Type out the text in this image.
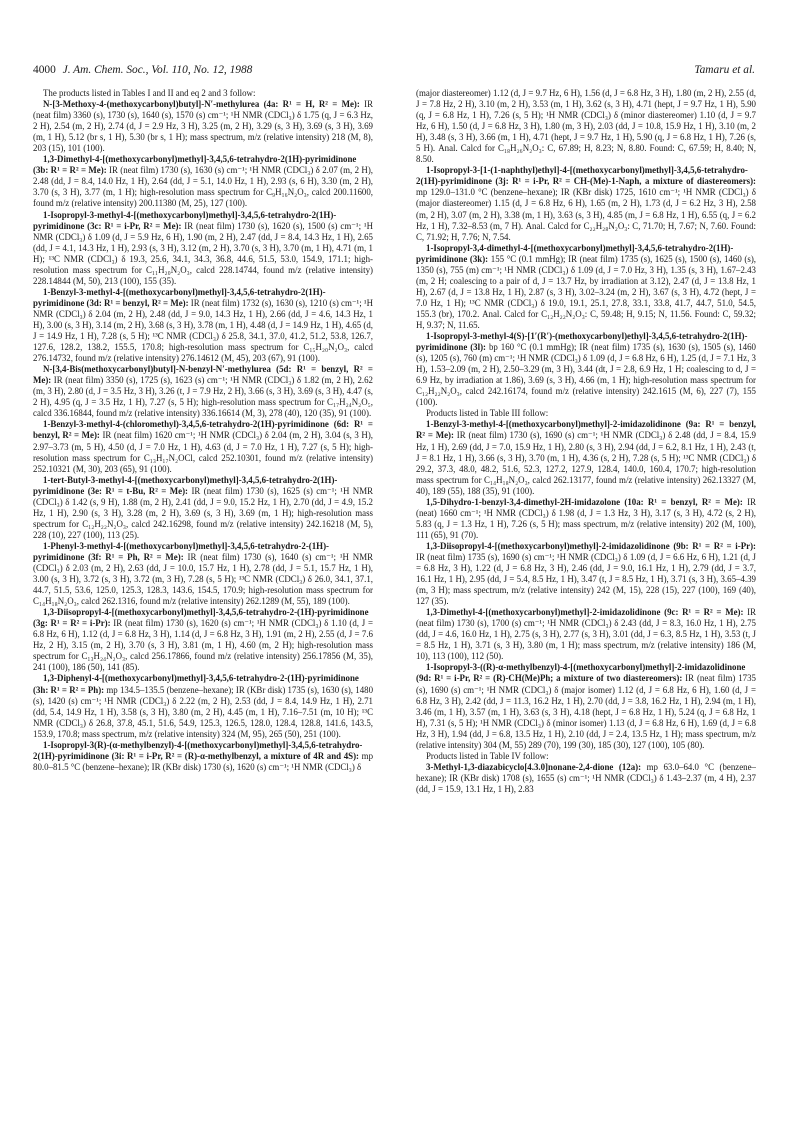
4000 J. Am. Chem. Soc., Vol. 110, No. 12, 1988	Tamaru et al.

The products listed in Tables I and II and eq 2 and 3 follow:

N-[3-Methoxy-4-(methoxycarbonyl)butyl]-N′-methylurea (4a: R¹ = H, R² = Me): IR (neat film) 3360 (s), 1730 (s), 1640 (s), 1570 (s) cm⁻¹; ¹H NMR (CDCl₃) δ 1.75 (q, J = 6.3 Hz, 2 H), 2.54 (m, 2 H), 2.74 (d, J = 2.9 Hz, 3 H), 3.25 (m, 2 H), 3.29 (s, 3 H), 3.69 (s, 3 H), 3.69 (m, 1 H), 5.12 (br s, 1 H), 5.30 (br s, 1 H); mass spectrum, m/z (relative intensity) 218 (M, 8), 203 (15), 101 (100).

1,3-Dimethyl-4-[(methoxycarbonyl)methyl]-3,4,5,6-tetrahydro-2(1H)-pyrimidinone (3b: R¹ = R² = Me): IR (neat film) 1730 (s), 1630 (s) cm⁻¹; ¹H NMR (CDCl₃) δ 2.07 (m, 2 H), 2.48 (dd, J = 8.4, 14.0 Hz, 1 H), 2.64 (dd, J = 5.1, 14.0 Hz, 1 H), 2.93 (s, 6 H), 3.30 (m, 2 H), 3.70 (s, 3 H), 3.77 (m, 1 H); high-resolution mass spectrum for C₉H₁₆N₂O₃, calcd 200.11600, found m/z (relative intensity) 200.11380 (M, 25), 127 (100).

1-Isopropyl-3-methyl-4-[(methoxycarbonyl)methyl]-3,4,5,6-tetrahydro-2(1H)-pyrimidinone (3c: R¹ = i-Pr, R² = Me): IR (neat film) 1730 (s), 1620 (s), 1500 (s) cm⁻¹; ¹H NMR (CDCl₃) δ 1.09 (d, J = 5.9 Hz, 6 H), 1.90 (m, 2 H), 2.47 (dd, J = 8.4, 14.3 Hz, 1 H), 2.65 (dd, J = 4.1, 14.3 Hz, 1 H), 2.93 (s, 3 H), 3.12 (m, 2 H), 3.70 (s, 3 H), 3.70 (m, 1 H), 4.71 (m, 1 H); ¹³C NMR (CDCl₃) δ 19.3, 25.6, 34.1, 34.3, 36.8, 44.6, 51.5, 53.0, 154.9, 171.1; high-resolution mass spectrum for C₁₁H₂₀N₂O₃, calcd 228.14744, found m/z (relative intensity) 228.14844 (M, 50), 213 (100), 155 (35).

1-Benzyl-3-methyl-4-[(methoxycarbonyl)methyl]-3,4,5,6-tetrahydro-2(1H)-pyrimidinone (3d: R¹ = benzyl, R² = Me): IR (neat film) 1732 (s), 1630 (s), 1210 (s) cm⁻¹; ¹H NMR (CDCl₃) δ 2.04 (m, 2 H), 2.48 (dd, J = 9.0, 14.3 Hz, 1 H), 2.66 (dd, J = 4.6, 14.3 Hz, 1 H), 3.00 (s, 3 H), 3.14 (m, 2 H), 3.68 (s, 3 H), 3.78 (m, 1 H), 4.48 (d, J = 14.9 Hz, 1 H), 4.65 (d, J = 14.9 Hz, 1 H), 7.28 (s, 5 H); ¹³C NMR (CDCl₃) δ 25.8, 34.1, 37.0, 41.2, 51.2, 53.8, 126.7, 127.6, 128.2, 138.2, 155.5, 170.8; high-resolution mass spectrum for C₁₅H₂₀N₂O₃, calcd 276.14732, found m/z (relative intensity) 276.14612 (M, 45), 203 (67), 91 (100).

N-[3,4-Bis(methoxycarbonyl)butyl]-N-benzyl-N′-methylurea (5d: R¹ = benzyl, R² = Me): IR (neat film) 3350 (s), 1725 (s), 1623 (s) cm⁻¹; ¹H NMR (CDCl₃) δ 1.82 (m, 2 H), 2.62 (m, 3 H), 2.80 (d, J = 3.5 Hz, 3 H), 3.26 (t, J = 7.9 Hz, 2 H), 3.66 (s, 3 H), 3.69 (s, 3 H), 4.47 (s, 2 H), 4.95 (q, J = 3.5 Hz, 1 H), 7.27 (s, 5 H); high-resolution mass spectrum for C₁₇H₂₄N₂O₅, calcd 336.16844, found m/z (relative intensity) 336.16614 (M, 3), 278 (40), 120 (35), 91 (100).

1-Benzyl-3-methyl-4-(chloromethyl)-3,4,5,6-tetrahydro-2(1H)-pyrimidinone (6d: R¹ = benzyl, R² = Me): IR (neat film) 1620 cm⁻¹; ¹H NMR (CDCl₃) δ 2.04 (m, 2 H), 3.04 (s, 3 H), 2.97–3.73 (m, 5 H), 4.50 (d, J = 7.0 Hz, 1 H), 4.63 (d, J = 7.0 Hz, 1 H), 7.27 (s, 5 H); high-resolution mass spectrum for C₁₃H₁₇N₂OCl, calcd 252.10301, found m/z (relative intensity) 252.10321 (M, 30), 203 (65), 91 (100).

1-tert-Butyl-3-methyl-4-[(methoxycarbonyl)methyl]-3,4,5,6-tetrahydro-2(1H)-pyrimidinone (3e: R¹ = t-Bu, R² = Me): IR (neat film) 1730 (s), 1625 (s) cm⁻¹; ¹H NMR (CDCl₃) δ 1.42 (s, 9 H), 1.88 (m, 2 H), 2.41 (dd, J = 9.0, 15.2 Hz, 1 H), 2.70 (dd, J = 4.9, 15.2 Hz, 1 H), 2.90 (s, 3 H), 3.28 (m, 2 H), 3.69 (s, 3 H), 3.69 (m, 1 H); high-resolution mass spectrum for C₁₂H₂₂N₂O₃, calcd 242.16298, found m/z (relative intensity) 242.16218 (M, 5), 228 (10), 227 (100), 113 (25).

1-Phenyl-3-methyl-4-[(methoxycarbonyl)methyl]-3,4,5,6-tetrahydro-2-(1H)-pyrimidinone (3f: R¹ = Ph, R² = Me): IR (neat film) 1730 (s), 1640 (s) cm⁻¹; ¹H NMR (CDCl₃) δ 2.03 (m, 2 H), 2.63 (dd, J = 10.0, 15.7 Hz, 1 H), 2.78 (dd, J = 5.1, 15.7 Hz, 1 H), 3.00 (s, 3 H), 3.72 (s, 3 H), 3.72 (m, 3 H), 7.28 (s, 5 H); ¹³C NMR (CDCl₃) δ 26.0, 34.1, 37.1, 44.7, 51.5, 53.6, 125.0, 125.3, 128.3, 143.6, 154.5, 170.9; high-resolution mass spectrum for C₁₄H₁₈N₂O₃, calcd 262.1316, found m/z (relative intensity) 262.1289 (M, 55), 189 (100).

1,3-Diisopropyl-4-[(methoxycarbonyl)methyl]-3,4,5,6-tetrahydro-2-(1H)-pyrimidinone (3g: R¹ = R² = i-Pr): IR (neat film) 1730 (s), 1620 (s) cm⁻¹; ¹H NMR (CDCl₃) δ 1.10 (d, J = 6.8 Hz, 6 H), 1.12 (d, J = 6.8 Hz, 3 H), 1.14 (d, J = 6.8 Hz, 3 H), 1.91 (m, 2 H), 2.55 (d, J = 7.6 Hz, 2 H), 3.15 (m, 2 H), 3.70 (s, 3 H), 3.81 (m, 1 H), 4.60 (m, 2 H); high-resolution mass spectrum for C₁₃H₂₄N₂O₃, calcd 256.17866, found m/z (relative intensity) 256.17856 (M, 35), 241 (100), 186 (50), 141 (85).

1,3-Diphenyl-4-[(methoxycarbonyl)methyl]-3,4,5,6-tetrahydro-2-(1H)-pyrimidinone (3h: R¹ = R² = Ph): mp 134.5–135.5 (benzene–hexane); IR (KBr disk) 1735 (s), 1630 (s), 1480 (s), 1420 (s) cm⁻¹; ¹H NMR (CDCl₃) δ 2.22 (m, 2 H), 2.53 (dd, J = 8.4, 14.9 Hz, 1 H), 2.71 (dd, 5.4, 14.9 Hz, 1 H), 3.58 (s, 3 H), 3.80 (m, 2 H), 4.45 (m, 1 H), 7.16–7.51 (m, 10 H); ¹³C NMR (CDCl₃) δ 26.8, 37.8, 45.1, 51.6, 54.9, 125.3, 126.5, 128.0, 128.4, 128.8, 141.6, 143.5, 153.9, 170.8; mass spectrum, m/z (relative intensity) 324 (M, 95), 265 (50), 251 (100).

1-Isopropyl-3(R)-(α-methylbenzyl)-4-[(methoxycarbonyl)methyl]-3,4,5,6-tetrahydro-2(1H)-pyrimidinone (3i: R¹ = i-Pr, R² = (R)-α-methylbenzyl, a mixture of 4R and 4S): mp 80.0–81.5 °C (benzene–hexane); IR (KBr disk) 1730 (s), 1620 (s) cm⁻¹; ¹H NMR (CDCl₃) δ

(major diastereomer) 1.12 (d, J = 9.7 Hz, 6 H), 1.56 (d, J = 6.8 Hz, 3 H), 1.80 (m, 2 H), 2.55 (d, J = 7.8 Hz, 2 H), 3.10 (m, 2 H), 3.53 (m, 1 H), 3.62 (s, 3 H), 4.71 (hept, J = 9.7 Hz, 1 H), 5.90 (q, J = 6.8 Hz, 1 H), 7.26 (s, 5 H); ¹H NMR (CDCl₃) δ (minor diastereomer) 1.10 (d, J = 9.7 Hz, 6 H), 1.50 (d, J = 6.8 Hz, 3 H), 1.80 (m, 3 H), 2.03 (dd, J = 10.8, 15.9 Hz, 1 H), 3.10 (m, 2 H), 3.48 (s, 3 H), 3.66 (m, 1 H), 4.71 (hept, J = 9.7 Hz, 1 H), 5.90 (q, J = 6.8 Hz, 1 H), 7.26 (s, 5 H). Anal. Calcd for C₁₈H₂₆N₂O₃: C, 67.89; H, 8.23; N, 8.80. Found: C, 67.59; H, 8.40; N, 8.50.

1-Isopropyl-3-[1-(1-naphthyl)ethyl]-4-[(methoxycarbonyl)methyl]-3,4,5,6-tetrahydro-2(1H)-pyrimidinone (3j: R¹ = i-Pr, R² = CH-(Me)-1-Naph, a mixture of diastereomers): mp 129.0–131.0 °C (benzene–hexane); IR (KBr disk) 1725, 1610 cm⁻¹; ¹H NMR (CDCl₃) δ (major diastereomer) 1.15 (d, J = 6.8 Hz, 6 H), 1.65 (m, 2 H), 1.73 (d, J = 6.2 Hz, 3 H), 2.58 (m, 2 H), 3.07 (m, 2 H), 3.38 (m, 1 H), 3.63 (s, 3 H), 4.85 (m, J = 6.8 Hz, 1 H), 6.55 (q, J = 6.2 Hz, 1 H), 7.32–8.53 (m, 7 H). Anal. Calcd for C₂₂H₂₈N₂O₃: C, 71.70; H, 7.67; N, 7.60. Found: C, 71.92; H, 7.76; N, 7.54.

1-Isopropyl-3,4-dimethyl-4-[(methoxycarbonyl)methyl]-3,4,5,6-tetrahydro-2(1H)-pyrimidinone (3k): 155 °C (0.1 mmHg); IR (neat film) 1735 (s), 1625 (s), 1500 (s), 1460 (s), 1350 (s), 755 (m) cm⁻¹; ¹H NMR (CDCl₃) δ 1.09 (d, J = 7.0 Hz, 3 H), 1.35 (s, 3 H), 1.67–2.43 (m, 2 H; coalescing to a pair of d, J = 13.7 Hz, by irradiation at 3.12), 2.47 (d, J = 13.8 Hz, 1 H), 2.67 (d, J = 13.8 Hz, 1 H), 2.87 (s, 3 H), 3.02–3.24 (m, 2 H), 3.67 (s, 3 H), 4.72 (hept, J = 7.0 Hz, 1 H); ¹³C NMR (CDCl₃) δ 19.0, 19.1, 25.1, 27.8, 33.1, 33.8, 41.7, 44.7, 51.0, 54.5, 155.3 (br), 170.2. Anal. Calcd for C₁₂H₂₂N₂O₃: C, 59.48; H, 9.15; N, 11.56. Found: C, 59.32; H, 9.37; N, 11.65.

1-Isopropyl-3-methyl-4(S)-[1′(R′)-(methoxycarbonyl)ethyl]-3,4,5,6-tetrahydro-2(1H)-pyrimidinone (3l): bp 160 °C (0.1 mmHg); IR (neat film) 1735 (s), 1630 (s), 1505 (s), 1460 (s), 1205 (s), 760 (m) cm⁻¹; ¹H NMR (CDCl₃) δ 1.09 (d, J = 6.8 Hz, 6 H), 1.25 (d, J = 7.1 Hz, 3 H), 1.53–2.09 (m, 2 H), 2.50–3.29 (m, 3 H), 3.44 (dt, J = 2.8, 6.9 Hz, 1 H; coalescing to d, J = 6.9 Hz, by irradiation at 1.86), 3.69 (s, 3 H), 4.66 (m, 1 H); high-resolution mass spectrum for C₁₂H₂₂N₂O₃, calcd 242.16174, found m/z (relative intensity) 242.1615 (M, 6), 227 (7), 155 (100).

Products listed in Table III follow:

1-Benzyl-3-methyl-4-[(methoxycarbonyl)methyl]-2-imidazolidinone (9a: R¹ = benzyl, R² = Me): IR (neat film) 1730 (s), 1690 (s) cm⁻¹; ¹H NMR (CDCl₃) δ 2.48 (dd, J = 8.4, 15.9 Hz, 1 H), 2.69 (dd, J = 7.0, 15.9 Hz, 1 H), 2.80 (s, 3 H), 2.94 (dd, J = 6.2, 8.1 Hz, 1 H), 2.43 (t, J = 8.1 Hz, 1 H), 3.66 (s, 3 H), 3.70 (m, 1 H), 4.36 (s, 2 H), 7.28 (s, 5 H); ¹³C NMR (CDCl₃) δ 29.2, 37.3, 48.0, 48.2, 51.6, 52.3, 127.2, 127.9, 128.4, 140.0, 160.4, 170.7; high-resolution mass spectrum for C₁₄H₁₈N₂O₃, calcd 262.13177, found m/z (relative intensity) 262.13327 (M, 40), 189 (55), 188 (35), 91 (100).

1,5-Dihydro-1-benzyl-3,4-dimethyl-2H-imidazolone (10a: R¹ = benzyl, R² = Me): IR (neat) 1660 cm⁻¹; ¹H NMR (CDCl₃) δ 1.98 (d, J = 1.3 Hz, 3 H), 3.17 (s, 3 H), 4.72 (s, 2 H), 5.83 (q, J = 1.3 Hz, 1 H), 7.26 (s, 5 H); mass spectrum, m/z (relative intensity) 202 (M, 100), 111 (65), 91 (70).

1,3-Diisopropyl-4-[(methoxycarbonyl)methyl]-2-imidazolidinone (9b: R¹ = R² = i-Pr): IR (neat film) 1735 (s), 1690 (s) cm⁻¹; ¹H NMR (CDCl₃) δ 1.09 (d, J = 6.6 Hz, 6 H), 1.21 (d, J = 6.8 Hz, 3 H), 1.22 (d, J = 6.8 Hz, 3 H), 2.46 (dd, J = 9.0, 16.1 Hz, 1 H), 2.79 (dd, J = 3.7, 16.1 Hz, 1 H), 2.95 (dd, J = 5.4, 8.5 Hz, 1 H), 3.47 (t, J = 8.5 Hz, 1 H), 3.71 (s, 3 H), 3.65–4.39 (m, 3 H); mass spectrum, m/z (relative intensity) 242 (M, 15), 228 (15), 227 (100), 169 (40), 127 (35).

1,3-Dimethyl-4-[(methoxycarbonyl)methyl]-2-imidazolidinone (9c: R¹ = R² = Me): IR (neat film) 1730 (s), 1700 (s) cm⁻¹; ¹H NMR (CDCl₃) δ 2.43 (dd, J = 8.3, 16.0 Hz, 1 H), 2.75 (dd, J = 4.6, 16.0 Hz, 1 H), 2.75 (s, 3 H), 2.77 (s, 3 H), 3.01 (dd, J = 6.3, 8.5 Hz, 1 H), 3.53 (t, J = 8.5 Hz, 1 H), 3.71 (s, 3 H), 3.80 (m, 1 H); mass spectrum, m/z (relative intensity) 186 (M, 10), 113 (100), 112 (50).

1-Isopropyl-3-((R)-α-methylbenzyl)-4-[(methoxycarbonyl)methyl]-2-imidazolidinone (9d: R¹ = i-Pr, R² = (R)-CH(Me)Ph; a mixture of two diastereomers): IR (neat film) 1735 (s), 1690 (s) cm⁻¹; ¹H NMR (CDCl₃) δ (major isomer) 1.12 (d, J = 6.8 Hz, 6 H), 1.60 (d, J = 6.8 Hz, 3 H), 2.42 (dd, J = 11.3, 16.2 Hz, 1 H), 2.70 (dd, J = 3.8, 16.2 Hz, 1 H), 2.94 (m, 1 H), 3.46 (m, 1 H), 3.57 (m, 1 H), 3.63 (s, 3 H), 4.18 (hept, J = 6.8 Hz, 1 H), 5.24 (q, J = 6.8 Hz, 1 H), 7.31 (s, 5 H); ¹H NMR (CDCl₃) δ (minor isomer) 1.13 (d, J = 6.8 Hz, 6 H), 1.69 (d, J = 6.8 Hz, 3 H), 1.94 (dd, J = 6.8, 13.5 Hz, 1 H), 2.10 (dd, J = 2.4, 13.5 Hz, 1 H); mass spectrum, m/z (relative intensity) 304 (M, 55) 289 (70), 199 (30), 185 (30), 127 (100), 105 (80).

Products listed in Table IV follow:

3-Methyl-1,3-diazabicyclo[4.3.0]nonane-2,4-dione (12a): mp 63.0–64.0 °C (benzene–hexane); IR (KBr disk) 1708 (s), 1655 (s) cm⁻¹; ¹H NMR (CDCl₃) δ 1.43–2.37 (m, 4 H), 2.37 (dd, J = 15.9, 13.1 Hz, 1 H), 2.83
